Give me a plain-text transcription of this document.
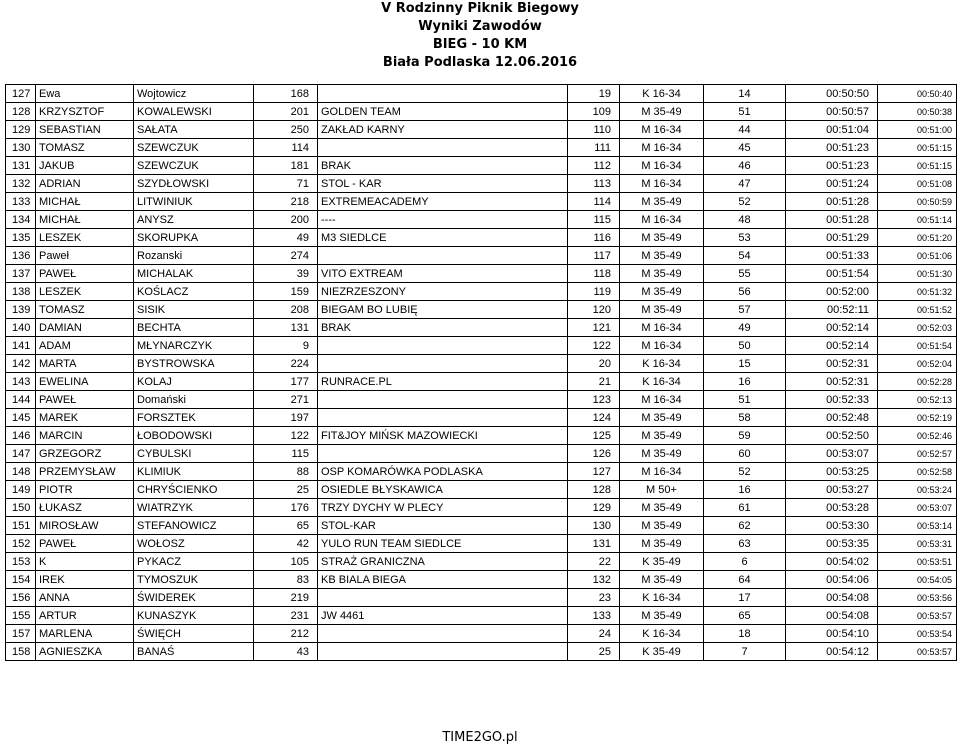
V Rodzinny Piknik Biegowy
Wyniki Zawodów
BIEG - 10 KM
Biała Podlaska 12.06.2016
127	Ewa	Wojtowicz	168		19	K 16-34	14	00:50:50	00:50:40
128	KRZYSZTOF	KOWALEWSKI	201	GOLDEN TEAM	109	M 35-49	51	00:50:57	00:50:38
129	SEBASTIAN	SAŁATA	250	ZAKŁAD KARNY	110	M 16-34	44	00:51:04	00:51:00
130	TOMASZ	SZEWCZUK	114		111	M 16-34	45	00:51:23	00:51:15
131	JAKUB	SZEWCZUK	181	BRAK	112	M 16-34	46	00:51:23	00:51:15
132	ADRIAN	SZYDŁOWSKI	71	STOL - KAR	113	M 16-34	47	00:51:24	00:51:08
133	MICHAŁ	LITWINIUK	218	EXTREMEACADEMY	114	M 35-49	52	00:51:28	00:50:59
134	MICHAŁ	ANYSZ	200	----	115	M 16-34	48	00:51:28	00:51:14
135	LESZEK	SKORUPKA	49	M3 SIEDLCE	116	M 35-49	53	00:51:29	00:51:20
136	Paweł	Rozanski	274		117	M 35-49	54	00:51:33	00:51:06
137	PAWEŁ	MICHALAK	39	VITO EXTREAM	118	M 35-49	55	00:51:54	00:51:30
138	LESZEK	KOŚLACZ	159	NIEZRZESZONY	119	M 35-49	56	00:52:00	00:51:32
139	TOMASZ	SISIK	208	BIEGAM BO LUBIĘ	120	M 35-49	57	00:52:11	00:51:52
140	DAMIAN	BECHTA	131	BRAK	121	M 16-34	49	00:52:14	00:52:03
141	ADAM	MŁYNARCZYK	9		122	M 16-34	50	00:52:14	00:51:54
142	MARTA	BYSTROWSKA	224		20	K 16-34	15	00:52:31	00:52:04
143	EWELINA	KOLAJ	177	RUNRACE.PL	21	K 16-34	16	00:52:31	00:52:28
144	PAWEŁ	Domański	271		123	M 16-34	51	00:52:33	00:52:13
145	MAREK	FORSZTEK	197		124	M 35-49	58	00:52:48	00:52:19
146	MARCIN	ŁOBODOWSKI	122	FIT&JOY MIŃSK MAZOWIECKI	125	M 35-49	59	00:52:50	00:52:46
147	GRZEGORZ	CYBULSKI	115		126	M 35-49	60	00:53:07	00:52:57
148	PRZEMYSŁAW	KLIMIUK	88	OSP KOMARÓWKA PODLASKA	127	M 16-34	52	00:53:25	00:52:58
149	PIOTR	CHRYŚCIENKO	25	OSIEDLE BŁYSKAWICA	128	M 50+	16	00:53:27	00:53:24
150	ŁUKASZ	WIATRZYK	176	TRZY DYCHY W PLECY	129	M 35-49	61	00:53:28	00:53:07
151	MIROSŁAW	STEFANOWICZ	65	STOL-KAR	130	M 35-49	62	00:53:30	00:53:14
152	PAWEŁ	WOŁOSZ	42	YULO RUN TEAM SIEDLCE	131	M 35-49	63	00:53:35	00:53:31
153	K	PYKACZ	105	STRAŻ GRANICZNA	22	K 35-49	6	00:54:02	00:53:51
154	IREK	TYMOSZUK	83	KB BIALA BIEGA	132	M 35-49	64	00:54:06	00:54:05
156	ANNA	ŚWIDEREK	219		23	K 16-34	17	00:54:08	00:53:56
155	ARTUR	KUNASZYK	231	JW 4461	133	M 35-49	65	00:54:08	00:53:57
157	MARLENA	ŚWIĘCH	212		24	K 16-34	18	00:54:10	00:53:54
158	AGNIESZKA	BANAŚ	43		25	K 35-49	7	00:54:12	00:53:57
TIME2GO.pl
